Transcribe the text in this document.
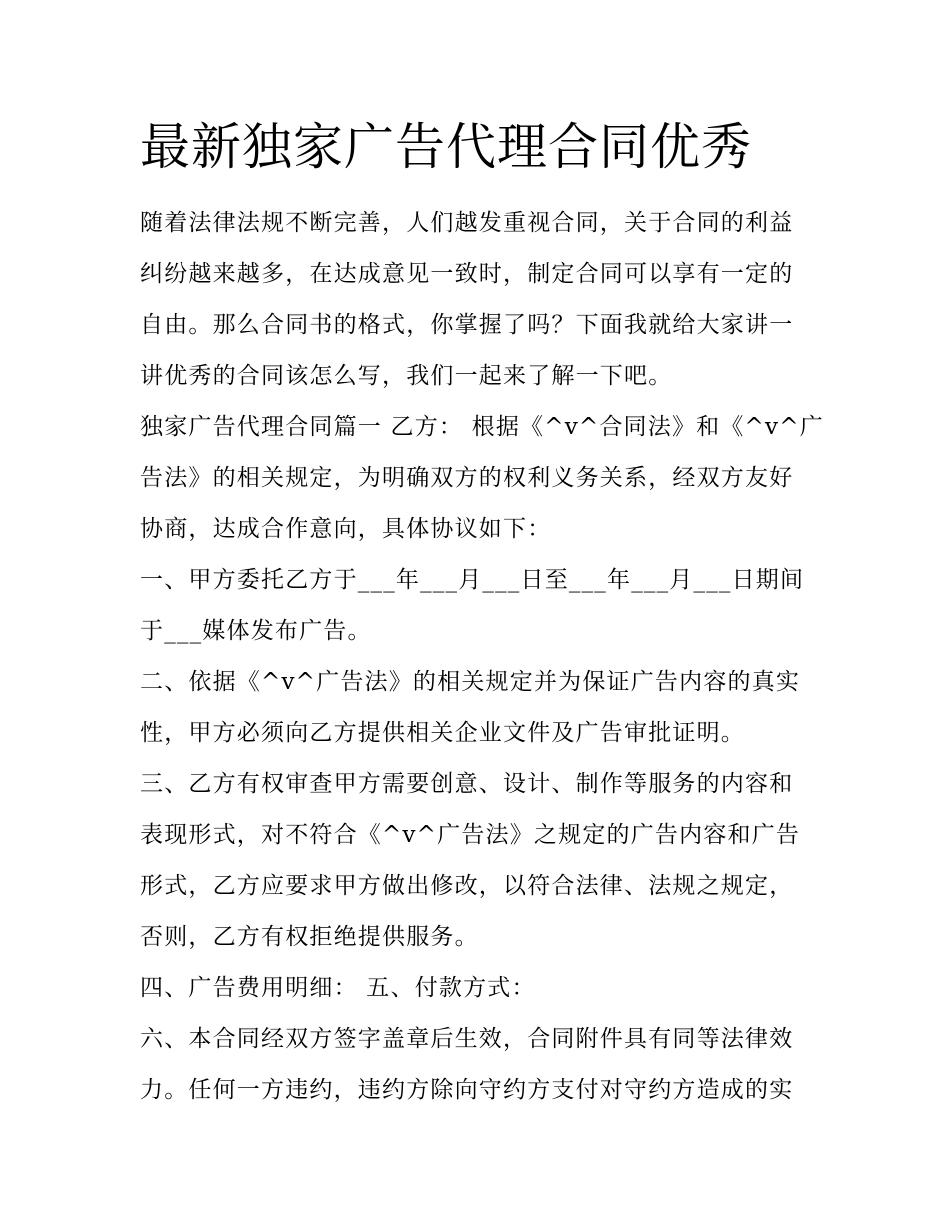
最新独家广告代理合同优秀
随着法律法规不断完善，人们越发重视合同，关于合同的利益
纠纷越来越多，在达成意见一致时，制定合同可以享有一定的
自由。那么合同书的格式，你掌握了吗？下面我就给大家讲一
讲优秀的合同该怎么写，我们一起来了解一下吧。
独家广告代理合同篇一 乙方： 根据《^v^合同法》和《^v^广
告法》的相关规定，为明确双方的权利义务关系，经双方友好
协商，达成合作意向，具体协议如下：
一、甲方委托乙方于___年___月___日至___年___月___日期间
于___媒体发布广告。
二、依据《^v^广告法》的相关规定并为保证广告内容的真实
性，甲方必须向乙方提供相关企业文件及广告审批证明。
三、乙方有权审查甲方需要创意、设计、制作等服务的内容和
表现形式，对不符合《^v^广告法》之规定的广告内容和广告
形式，乙方应要求甲方做出修改，以符合法律、法规之规定，
否则，乙方有权拒绝提供服务。
四、广告费用明细： 五、付款方式：
六、本合同经双方签字盖章后生效，合同附件具有同等法律效
力。任何一方违约，违约方除向守约方支付对守约方造成的实
